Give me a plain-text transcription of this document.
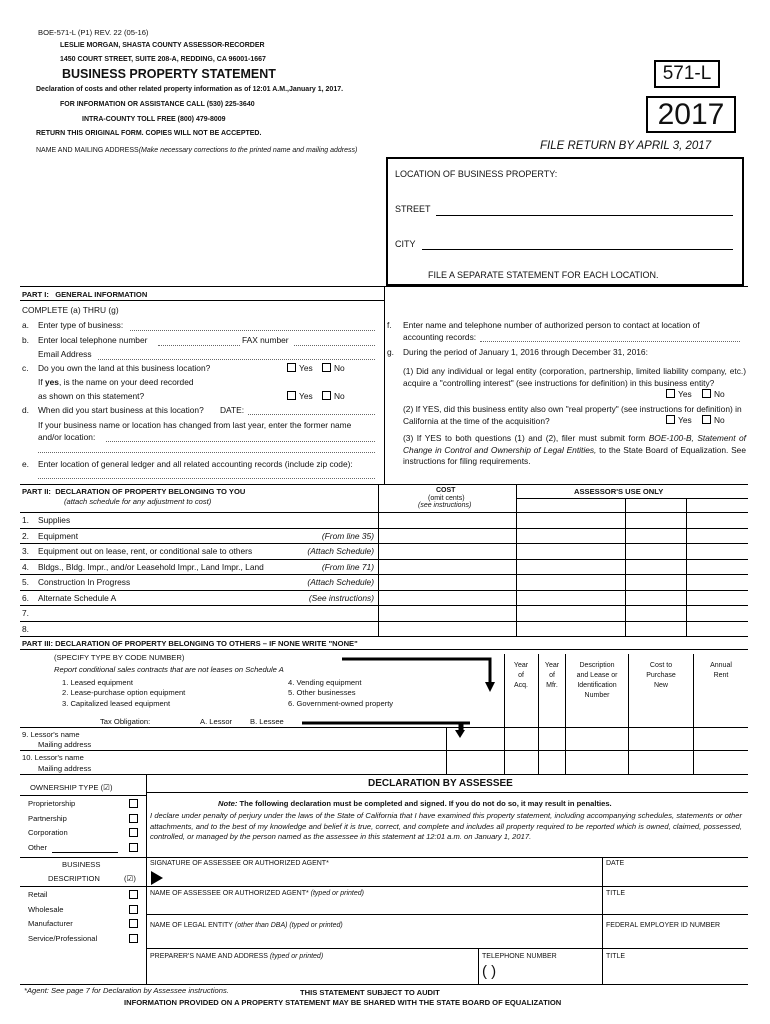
BOE-571-L (P1) REV. 22 (05-16)
LESLIE MORGAN, SHASTA COUNTY ASSESSOR-RECORDER
1450 COURT STREET, SUITE 208-A, REDDING, CA 96001-1667
BUSINESS PROPERTY STATEMENT
Declaration of costs and other related property information as of 12:01 A.M.,January 1, 2017.
FOR INFORMATION OR ASSISTANCE CALL (530) 225-3640
INTRA-COUNTY TOLL FREE (800) 479-8009
RETURN THIS ORIGINAL FORM. COPIES WILL NOT BE ACCEPTED.
NAME AND MAILING ADDRESS(Make necessary corrections to the printed name and mailing address)
571-L
2017
FILE RETURN BY APRIL 3, 2017
LOCATION OF BUSINESS PROPERTY:
STREET
CITY
FILE A SEPARATE STATEMENT FOR EACH LOCATION.
PART I: GENERAL INFORMATION
COMPLETE (a) THRU (g)
a. Enter type of business:
b. Enter local telephone number	FAX number
Email Address
c. Do you own the land at this business location?	Yes	No
If yes, is the name on your deed recorded
as shown on this statement?	Yes	No
d. When did you start business at this location? DATE:
If your business name or location has changed from last year, enter the former name
and/or location:
e. Enter location of general ledger and all related accounting records (include zip code):
f. Enter name and telephone number of authorized person to contact at location of
accounting records:
g. During the period of January 1, 2016 through December 31, 2016:
(1) Did any individual or legal entity (corporation, partnership, limited liability company, etc.) acquire a "controlling interest" (see instructions for definition) in this business entity?
Yes	No
(2) If YES, did this business entity also own "real property" (see instructions for definition) in California at the time of the acquisition?	Yes	No
(3) If YES to both questions (1) and (2), filer must submit form BOE-100-B, Statement of Change in Control and Ownership of Legal Entities, to the State Board of Equalization. See instructions for filing requirements.
PART II: DECLARATION OF PROPERTY BELONGING TO YOU
(attach schedule for any adjustment to cost)
COST
(omit cents)
(see instructions)
ASSESSOR'S USE ONLY
1. Supplies
2. Equipment	(From line 35)
3. Equipment out on lease, rent, or conditional sale to others	(Attach Schedule)
4. Bldgs., Bldg. Impr., and/or Leasehold Impr., Land Impr., Land	(From line 71)
5. Construction In Progress	(Attach Schedule)
6. Alternate Schedule A	(See instructions)
7.
8.
PART III: DECLARATION OF PROPERTY BELONGING TO OTHERS – IF NONE WRITE "NONE"
(SPECIFY TYPE BY CODE NUMBER)
Report conditional sales contracts that are not leases on Schedule A
1. Leased equipment
2. Lease-purchase option equipment
3. Capitalized leased equipment
4. Vending equipment
5. Other businesses
6. Government-owned property
Year
of
Acq.
Year
of
Mfr.
Description
and Lease or
Identification
Number
Cost to
Purchase
New
Annual
Rent
Tax Obligation:	A. Lessor B. Lessee
9. Lessor's name
Mailing address
10. Lessor's name
Mailing address
OWNERSHIP TYPE (☑)
Proprietorship
Partnership
Corporation
Other
BUSINESS
DESCRIPTION	(☑)
Retail
Wholesale
Manufacturer
Service/Professional
DECLARATION BY ASSESSEE
Note: The following declaration must be completed and signed. If you do not do so, it may result in penalties.
I declare under penalty of perjury under the laws of the State of California that I have examined this property statement, including accompanying schedules, statements or other attachments, and to the best of my knowledge and belief it is true, correct, and complete and includes all property required to be reported which is owned, claimed, possessed, controlled, or managed by the person named as the assessee in this statement at 12:01 a.m. on January 1, 2017.
SIGNATURE OF ASSESSEE OR AUTHORIZED AGENT*	DATE
NAME OF ASSESSEE OR AUTHORIZED AGENT* (typed or printed)	TITLE
NAME OF LEGAL ENTITY (other than DBA) (typed or printed)	FEDERAL EMPLOYER ID NUMBER
PREPARER'S NAME AND ADDRESS (typed or printed)	TELEPHONE NUMBER
( )
TITLE
*Agent: See page 7 for Declaration by Assessee instructions.	THIS STATEMENT SUBJECT TO AUDIT
INFORMATION PROVIDED ON A PROPERTY STATEMENT MAY BE SHARED WITH THE STATE BOARD OF EQUALIZATION
